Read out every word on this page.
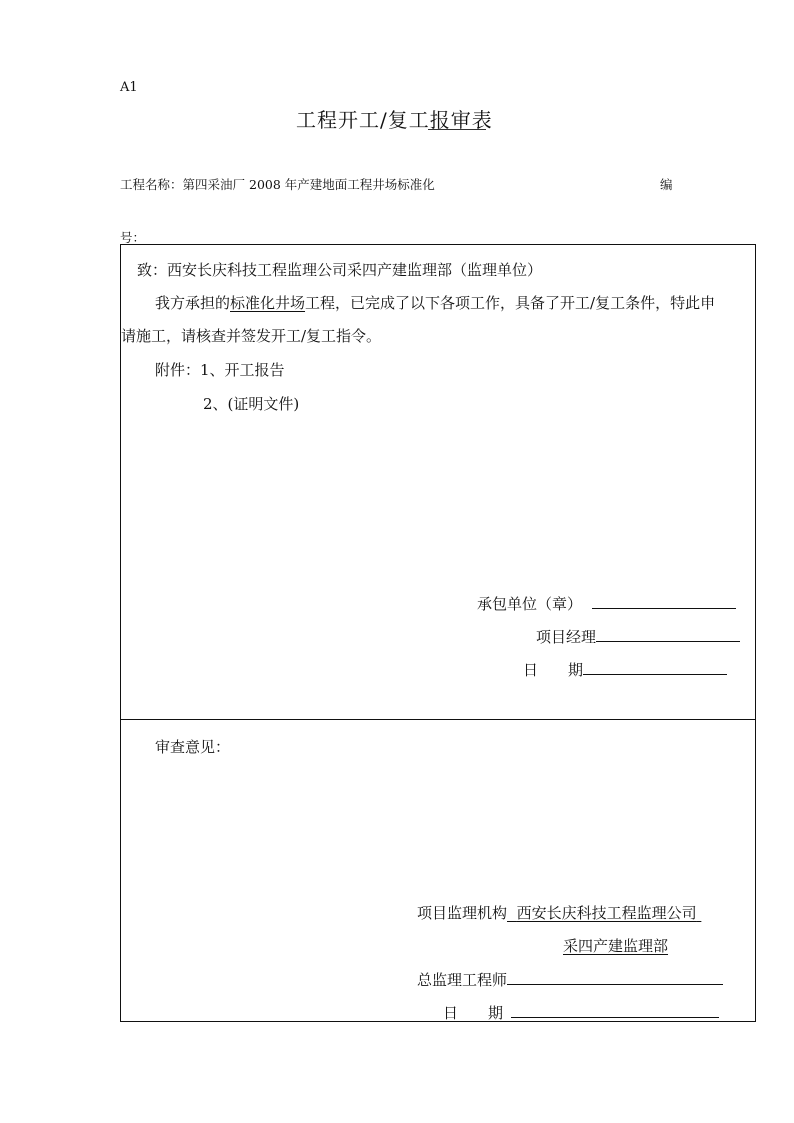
A1
工程开工/复工报审表
工程名称：第四采油厂 2008 年产建地面工程井场标准化	编
号：
致：西安长庆科技工程监理公司采四产建监理部（监理单位）
我方承担的标准化井场工程，已完成了以下各项工作，具备了开工/复工条件，特此申
请施工，请核查并签发开工/复工指令。
附件：1、开工报告
2、(证明文件)
承包单位（章）
项目经理
日　　期
审查意见：
项目监理机构 西安长庆科技工程监理公司
采四产建监理部
总监理工程师
日　　期
